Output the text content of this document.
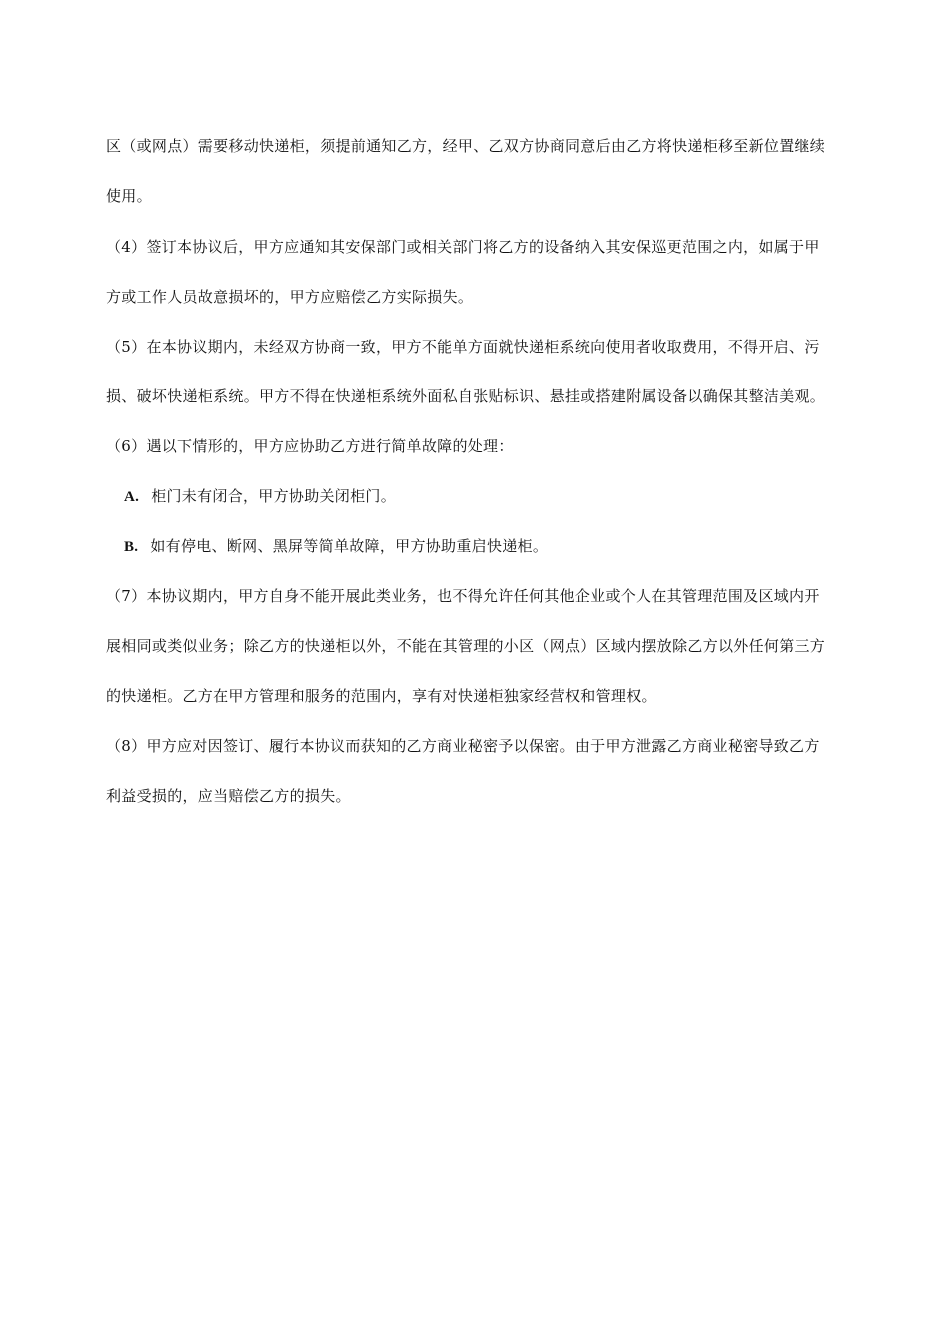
区（或网点）需要移动快递柜，须提前通知乙方，经甲、乙双方协商同意后由乙方将快递柜移至新位置继续
使用。
（4）签订本协议后，甲方应通知其安保部门或相关部门将乙方的设备纳入其安保巡更范围之内，如属于甲
方或工作人员故意损坏的，甲方应赔偿乙方实际损失。
（5）在本协议期内，未经双方协商一致，甲方不能单方面就快递柜系统向使用者收取费用，不得开启、污
损、破坏快递柜系统。甲方不得在快递柜系统外面私自张贴标识、悬挂或搭建附属设备以确保其整洁美观。
（6）遇以下情形的，甲方应协助乙方进行简单故障的处理：
A. 柜门未有闭合，甲方协助关闭柜门。
B. 如有停电、断网、黑屏等简单故障，甲方协助重启快递柜。
（7）本协议期内，甲方自身不能开展此类业务，也不得允许任何其他企业或个人在其管理范围及区域内开
展相同或类似业务；除乙方的快递柜以外，不能在其管理的小区（网点）区域内摆放除乙方以外任何第三方
的快递柜。乙方在甲方管理和服务的范围内，享有对快递柜独家经营权和管理权。
（8）甲方应对因签订、履行本协议而获知的乙方商业秘密予以保密。由于甲方泄露乙方商业秘密导致乙方
利益受损的，应当赔偿乙方的损失。
